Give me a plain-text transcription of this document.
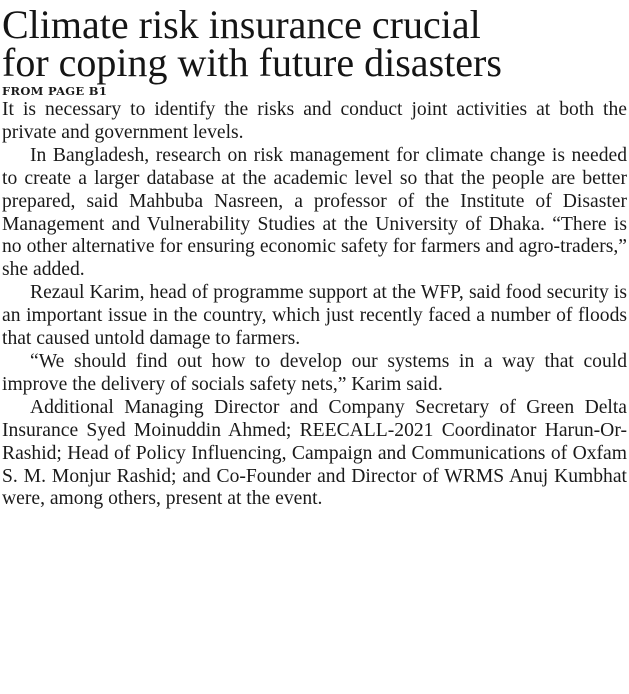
Climate risk insurance crucial
for coping with future disasters
FROM PAGE B1

It is necessary to identify the risks and conduct joint activities at both the private and government levels.

In Bangladesh, research on risk management for climate change is needed to create a larger database at the academic level so that the people are better prepared, said Mahbuba Nasreen, a professor of the Institute of Disaster Management and Vulnerability Studies at the University of Dhaka. “There is no other alternative for ensuring economic safety for farmers and agro-traders,” she added.

Rezaul Karim, head of programme support at the WFP, said food security is an important issue in the country, which just recently faced a number of floods that caused untold damage to farmers.

“We should find out how to develop our systems in a way that could improve the delivery of socials safety nets,” Karim said.

Additional Managing Director and Company Secretary of Green Delta Insurance Syed Moinuddin Ahmed; REECALL-2021 Coordinator Harun-Or-Rashid; Head of Policy Influencing, Campaign and Communications of Oxfam S. M. Monjur Rashid; and Co-Founder and Director of WRMS Anuj Kumbhat were, among others, present at the event.
